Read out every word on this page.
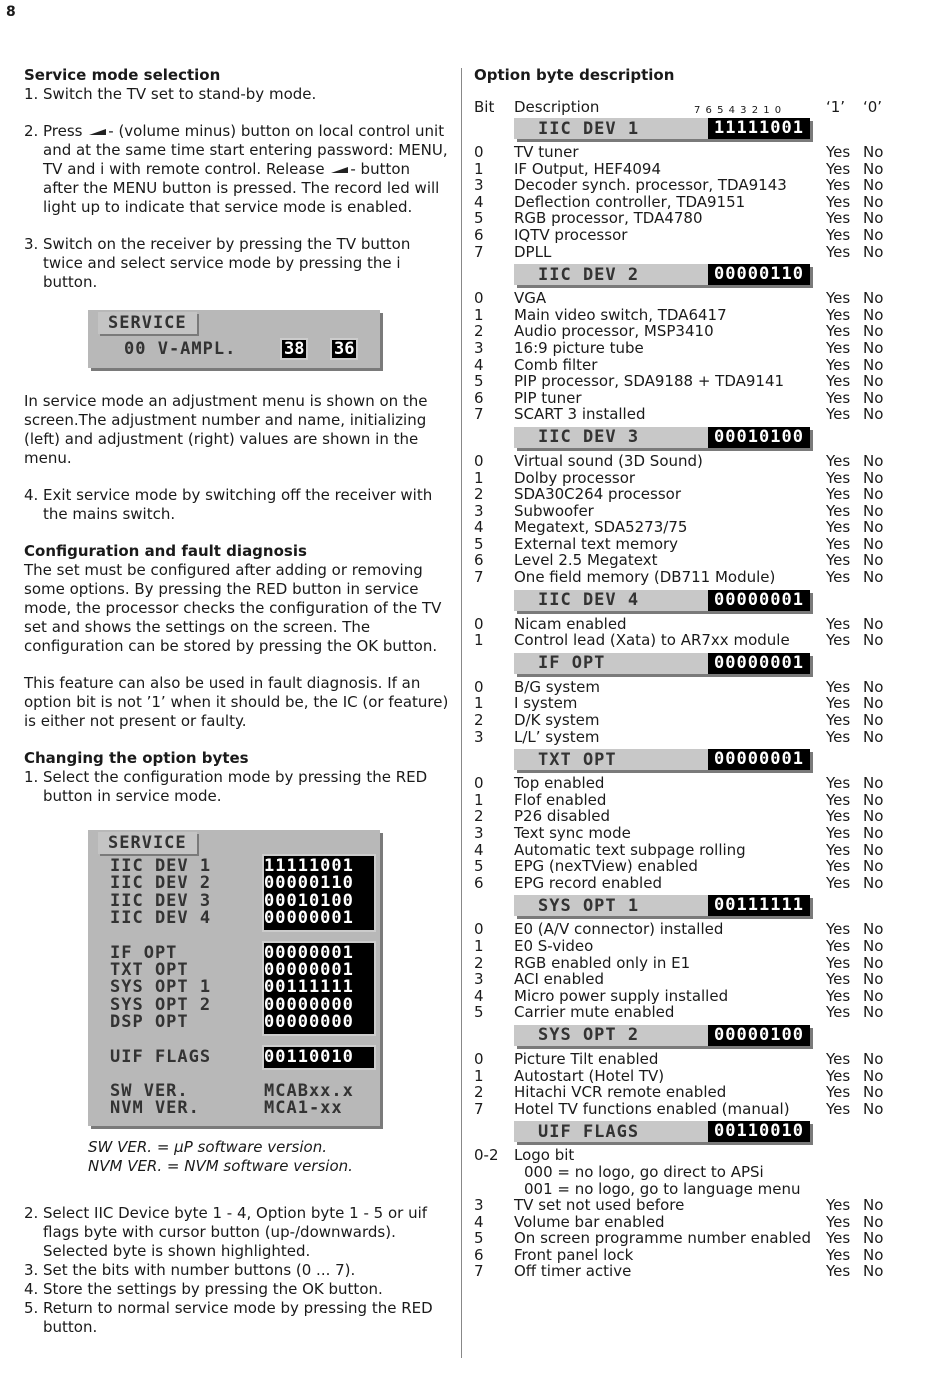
8

Service mode selection

1. Switch the TV set to stand-by mode.
2. Press - (volume minus) button on local control unit and at the same time start entering password: MENU, TV and i with remote control. Release - button after the MENU button is pressed. The record led will light up to indicate that service mode is enabled.
3. Switch on the receiver by pressing the TV button twice and select service mode by pressing the i button.
SERVICE
00 V-AMPL.	38 36

In service mode an adjustment menu is shown on the screen.The adjustment number and name, initializing (left) and adjustment (right) values are shown in the menu.

4. Exit service mode by switching off the receiver with the mains switch.

Configuration and fault diagnosis

The set must be configured after adding or removing some options. By pressing the RED button in service mode, the processor checks the configuration of the TV set and shows the settings on the screen. The configuration can be stored by pressing the OK button.

This feature can also be used in fault diagnosis. If an option bit is not ’1’ when it should be, the IC (or feature) is either not present or faulty.

Changing the option bytes

1. Select the configuration mode by pressing the RED button in service mode.
SERVICE
IIC DEV 1	11111001
IIC DEV 2	00000110
IIC DEV 3	00010100
IIC DEV 4	00000001
IF OPT	00000001
TXT OPT	00000001
SYS OPT 1	00111111
SYS OPT 2	00000000
DSP OPT	00000000
UIF FLAGS	00110010
SW VER.	MCABxx.x
NVM VER.	MCA1-xx

SW VER. = μP software version.

NVM VER. = NVM software version.

2. Select IIC Device byte 1 - 4, Option byte 1 - 5 or uif flags byte with cursor button (up-/downwards). Selected byte is shown highlighted.
3. Set the bits with number buttons (0 ... 7).
4. Store the settings by pressing the OK button.
5. Return to normal service mode by pressing the RED button.

Option byte description

Bit	Description	7 6 5 4 3 2 1 0	‘1’	‘0’
IIC DEV 1	11111001
0	TV tuner	Yes No
1	IF Output, HEF4094	Yes No
3	Decoder synch. processor, TDA9143	Yes No
4	Deflection controller, TDA9151	Yes No
5	RGB processor, TDA4780	Yes No
6	IQTV processor	Yes No
7	DPLL	Yes No
IIC DEV 2	00000110
0	VGA	Yes No
1	Main video switch, TDA6417	Yes No
2	Audio processor, MSP3410	Yes No
3	16:9 picture tube	Yes No
4	Comb filter	Yes No
5	PIP processor, SDA9188 + TDA9141	Yes No
6	PIP tuner	Yes No
7	SCART 3 installed	Yes No
IIC DEV 3	00010100
0	Virtual sound (3D Sound)	Yes No
1	Dolby processor	Yes No
2	SDA30C264 processor	Yes No
3	Subwoofer	Yes No
4	Megatext, SDA5273/75	Yes No
5	External text memory	Yes No
6	Level 2.5 Megatext	Yes No
7	One field memory (DB711 Module)	Yes No
IIC DEV 4	00000001
0	Nicam enabled	Yes No
1	Control lead (Xata) to AR7xx module	Yes No
IF OPT	00000001
0	B/G system	Yes No
1	I system	Yes No
2	D/K system	Yes No
3	L/L’ system	Yes No
TXT OPT	00000001
0	Top enabled	Yes No
1	Flof enabled	Yes No
2	P26 disabled	Yes No
3	Text sync mode	Yes No
4	Automatic text subpage rolling	Yes No
5	EPG (nexTView) enabled	Yes No
6	EPG record enabled	Yes No
SYS OPT 1	00111111
0	E0 (A/V connector) installed	Yes No
1	E0 S-video	Yes No
2	RGB enabled only in E1	Yes No
3	ACI enabled	Yes No
4	Micro power supply installed	Yes No
5	Carrier mute enabled	Yes No
SYS OPT 2	00000100
0	Picture Tilt enabled	Yes No
1	Autostart (Hotel TV)	Yes No
2	Hitachi VCR remote enabled	Yes No
7	Hotel TV functions enabled (manual)	Yes No
UIF FLAGS	00110010
0-2	Logo bit
000 = no logo, go direct to APSi
001 = no logo, go to language menu
3	TV set not used before	Yes No
4	Volume bar enabled	Yes No
5	On screen programme number enabled Yes No
6	Front panel lock	Yes No
7	Off timer active	Yes No
